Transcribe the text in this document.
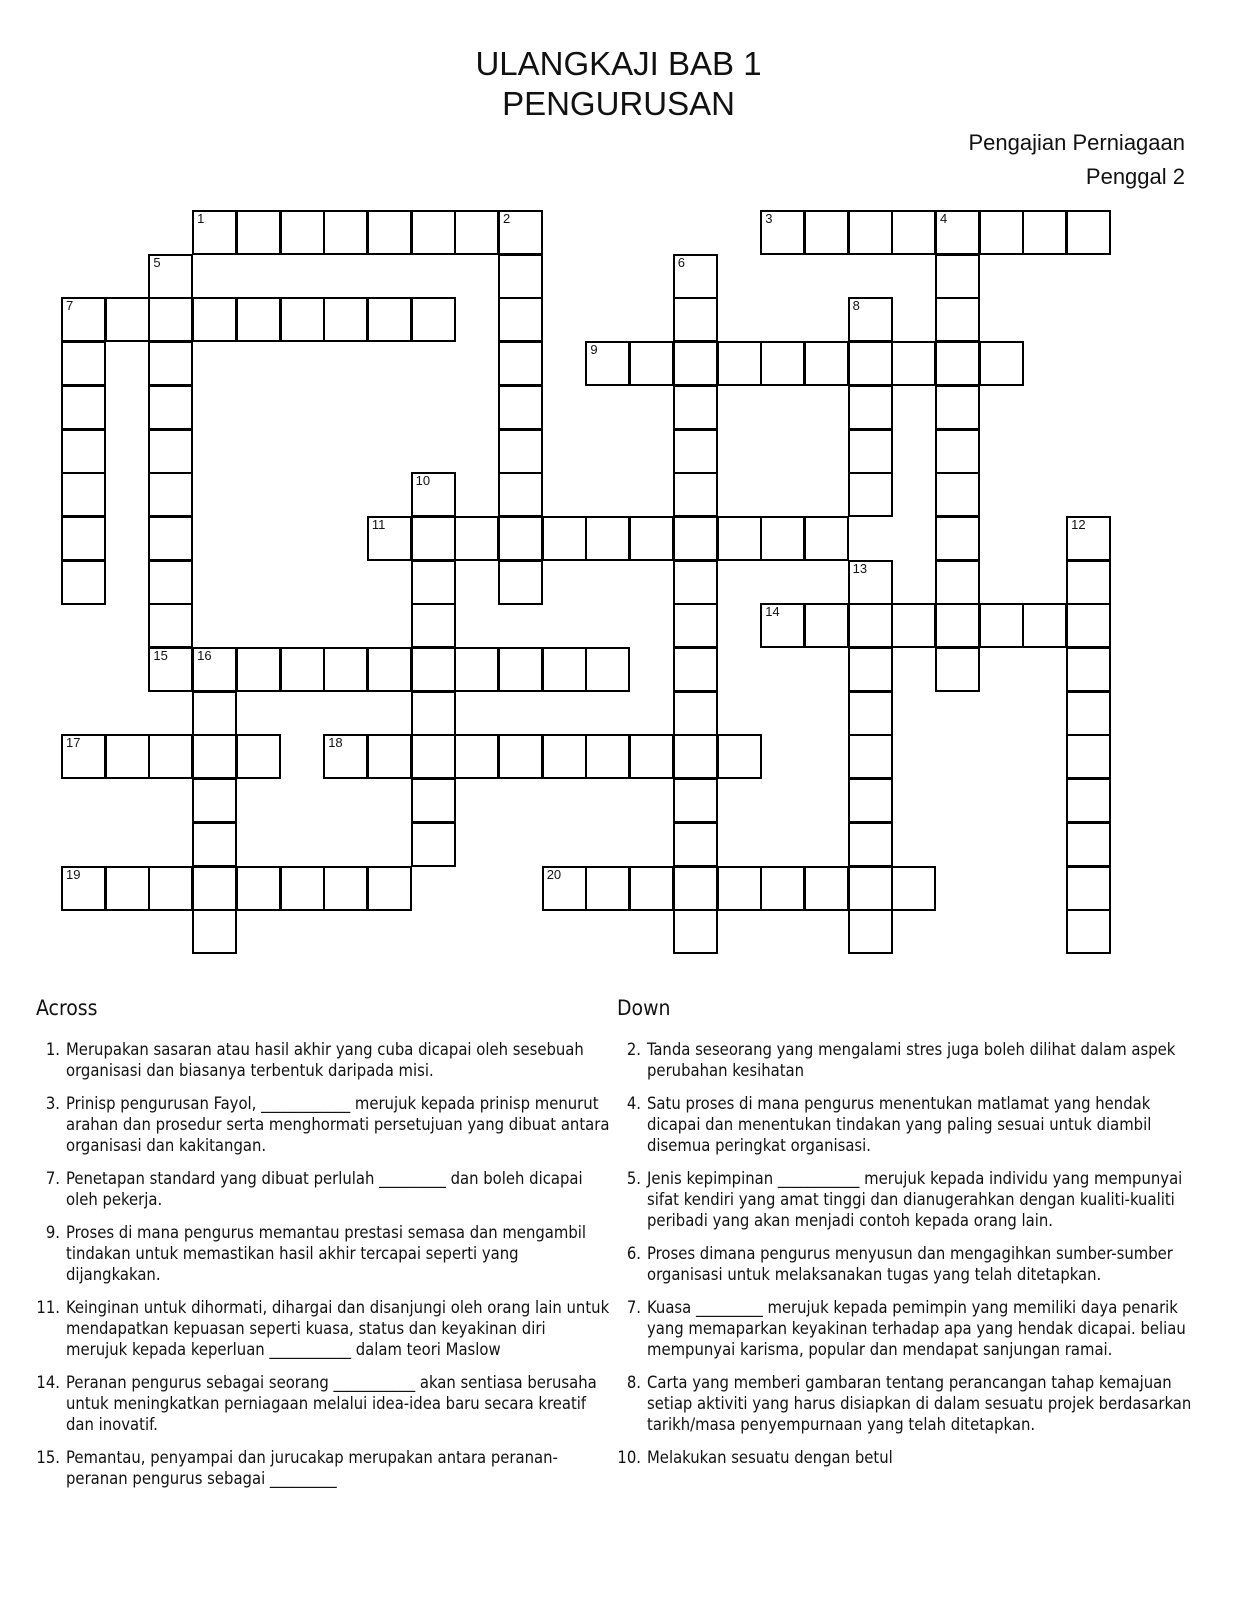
ULANGKAJI BAB 1
PENGURUSAN
Pengajian Perniagaan
Penggal 2
1	2	3	4
5	6
7	8
9
10
11	12
13
14
15 16
17	18
19	20
Across
1. Merupakan sasaran atau hasil akhir yang cuba dicapai oleh sesebuah organisasi dan biasanya terbentuk daripada misi.
3. Prinisp pengurusan Fayol, ____________ merujuk kepada prinisp menurut arahan dan prosedur serta menghormati persetujuan yang dibuat antara organisasi dan kakitangan.
7. Penetapan standard yang dibuat perlulah _________ dan boleh dicapai oleh pekerja.
9. Proses di mana pengurus memantau prestasi semasa dan mengambil tindakan untuk memastikan hasil akhir tercapai seperti yang dijangkakan.
11. Keinginan untuk dihormati, dihargai dan disanjungi oleh orang lain untuk mendapatkan kepuasan seperti kuasa, status dan keyakinan diri merujuk kepada keperluan ___________ dalam teori Maslow
14. Peranan pengurus sebagai seorang ___________ akan sentiasa berusaha untuk meningkatkan perniagaan melalui idea-idea baru secara kreatif dan inovatif.
15. Pemantau, penyampai dan jurucakap merupakan antara peranan-peranan pengurus sebagai _________
Down
2. Tanda seseorang yang mengalami stres juga boleh dilihat dalam aspek perubahan kesihatan
4. Satu proses di mana pengurus menentukan matlamat yang hendak dicapai dan menentukan tindakan yang paling sesuai untuk diambil disemua peringkat organisasi.
5. Jenis kepimpinan ___________ merujuk kepada individu yang mempunyai sifat kendiri yang amat tinggi dan dianugerahkan dengan kualiti-kualiti peribadi yang akan menjadi contoh kepada orang lain.
6. Proses dimana pengurus menyusun dan mengagihkan sumber-sumber organisasi untuk melaksanakan tugas yang telah ditetapkan.
7. Kuasa _________ merujuk kepada pemimpin yang memiliki daya penarik yang memaparkan keyakinan terhadap apa yang hendak dicapai. beliau mempunyai karisma, popular dan mendapat sanjungan ramai.
8. Carta yang memberi gambaran tentang perancangan tahap kemajuan setiap aktiviti yang harus disiapkan di dalam sesuatu projek berdasarkan tarikh/masa penyempurnaan yang telah ditetapkan.
10. Melakukan sesuatu dengan betul
